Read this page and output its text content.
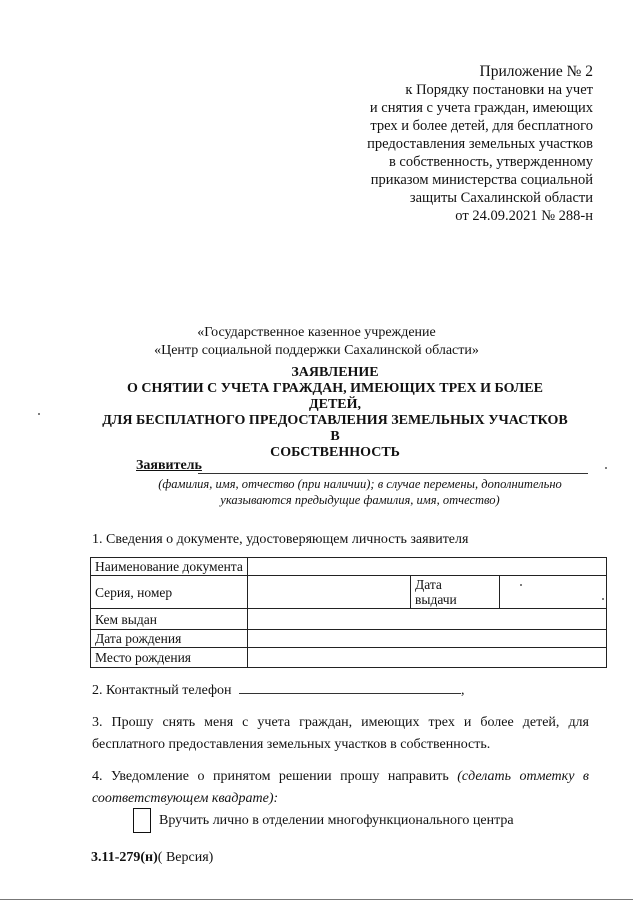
Приложение № 2
к Порядку постановки на учет
и снятия с учета граждан, имеющих
трех и более детей, для бесплатного
предоставления земельных участков
в собственность, утвержденному
приказом министерства социальной
защиты Сахалинской области
от 24.09.2021 № 288-н
«Государственное казенное учреждение
«Центр социальной поддержки Сахалинской области»
ЗАЯВЛЕНИЕ
О СНЯТИИ С УЧЕТА ГРАЖДАН, ИМЕЮЩИХ ТРЕХ И БОЛЕЕ ДЕТЕЙ,
ДЛЯ БЕСПЛАТНОГО ПРЕДОСТАВЛЕНИЯ ЗЕМЕЛЬНЫХ УЧАСТКОВ В
СОБСТВЕННОСТЬ
Заявитель
(фамилия, имя, отчество (при наличии); в случае перемены, дополнительно
указываются предыдущие фамилия, имя, отчество)
1. Сведения о документе, удостоверяющем личность заявителя
Наименование документа			
Серия, номер		Дата
выдачи	

Кем выдан			
Дата рождения			
Место рождения			
2. Контактный телефон	,
3. Прошу снять меня с учета граждан, имеющих трех и более детей, для бесплатного предоставления земельных участков в собственность.
4. Уведомление о принятом решении прошу направить (сделать отметку в соответствующем квадрате):
Вручить лично в отделении многофункционального центра
3.11-279(н)( Версия)
